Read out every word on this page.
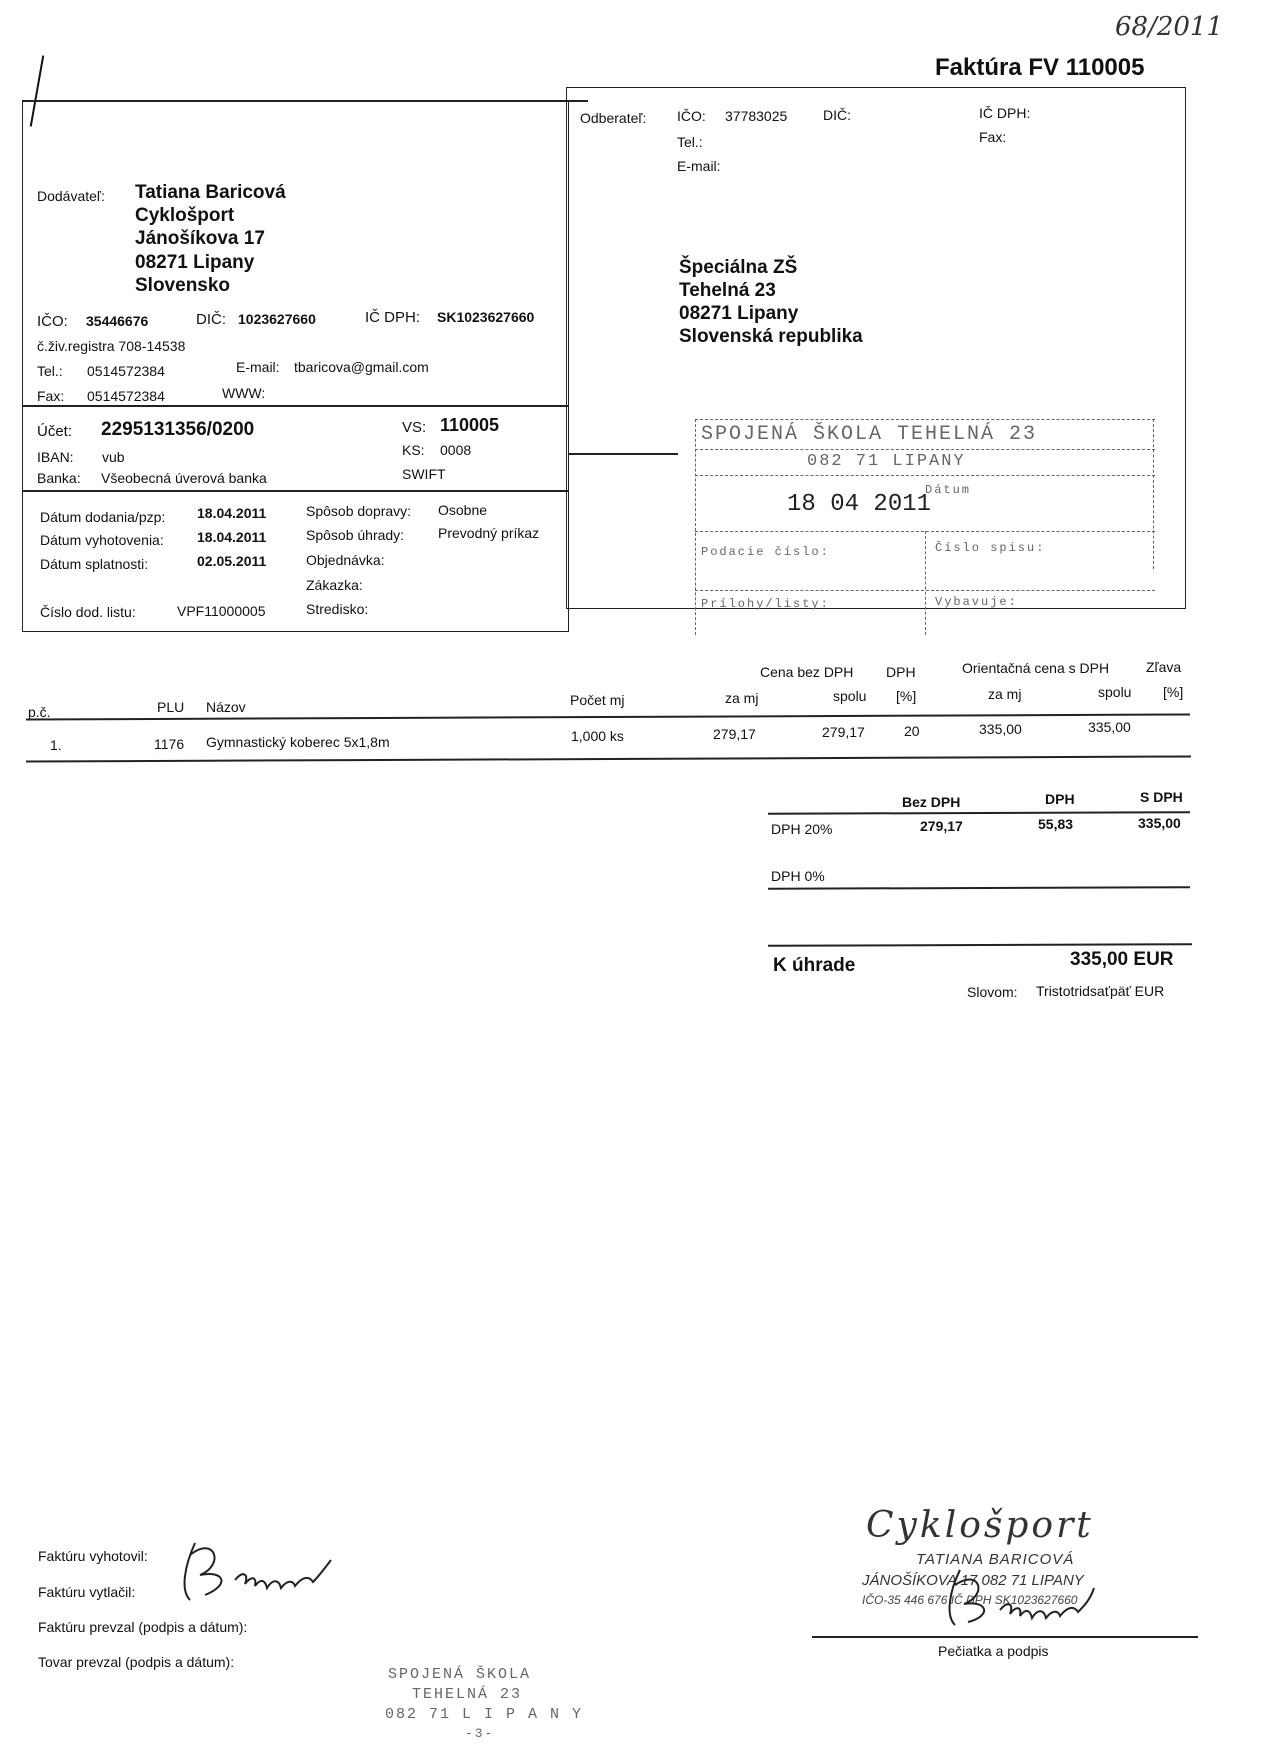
68/2011
Faktúra FV 110005
Dodávateľ: Tatiana Baricová
Cyklošport
Jánošíkova 17
08271 Lipany
Slovensko
IČO: 35446676	DIČ: 1023627660	IČ DPH: SK1023627660
č.živ.registra 708-14538
Tel.: 0514572384	E-mail: tbaricova@gmail.com
Fax: 0514572384	WWW:
Účet: 2295131356/0200
IBAN: vub
Banka: Všeobecná úverová banka
VS: 110005
KS: 0008
SWIFT
Dátum dodania/pzp: 18.04.2011
Dátum vyhotovenia: 18.04.2011
Dátum splatnosti:	02.05.2011
Číslo dod. listu:	VPF11000005
Spôsob dopravy: Osobne
Spôsob úhrady: Prevodný príkaz
Objednávka:
Zákazka:
Stredisko:
Odberateľ: IČO: 37783025	DIČ:	IČ DPH:
Tel.:	Fax:
E-mail:
Špeciálna ZŠ
Tehelná 23
08271 Lipany
Slovenská republika
SPOJENÁ ŠKOLA TEHELNÁ 23
082 71 LIPANY
Dátum
18 04 2011
Podacie číslo:	Číslo spisu:
Prílohy/listy:	Vybavuje:
Cena bez DPH DPH	Orientačná cena s DPH	Zľava
p.č.	PLU Názov	Počet mj	za mj	spolu [%]	za mj	spolu [%]
1.	1176 Gymnastický koberec 5x1,8m	1,000 ks	279,17	279,17	20	335,00	335,00
Bez DPH	DPH	S DPH
DPH 20%	279,17	55,83	335,00
DPH 0%
K úhrade	335,00 EUR
Slovom: Tristotridsaťpäť EUR
Faktúru vyhotovil:
Faktúru vytlačil:
Faktúru prevzal (podpis a dátum):
Tovar prevzal (podpis a dátum):
SPOJENÁ ŠKOLA
TEHELNÁ 23
082 71 L I P A N Y
-3-
Cyklošport
TATIANA BARICOVÁ
JÁNOŠÍKOVA 17 082 71 LIPANY
IČO-35 446 676 IČ DPH SK1023627660
Pečiatka a podpis
